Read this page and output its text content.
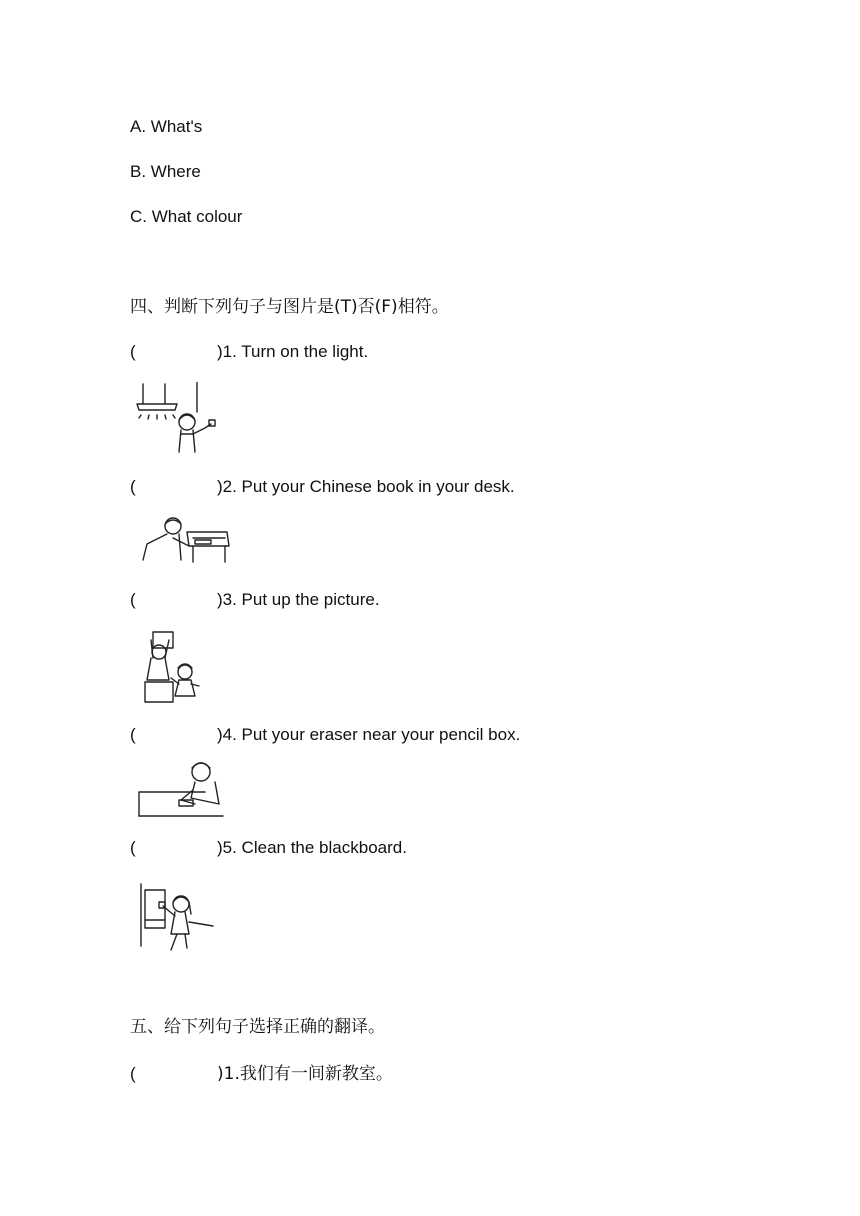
A. What's
B. Where
C. What colour
四、判断下列句子与图片是(T)否(F)相符。
(	)1. Turn on the light.
(	)2. Put your Chinese book in your desk.
(	)3. Put up the picture.
(	)4. Put your eraser near your pencil box.
(	)5. Clean the blackboard.
五、给下列句子选择正确的翻译。
(	)1.我们有一间新教室。
